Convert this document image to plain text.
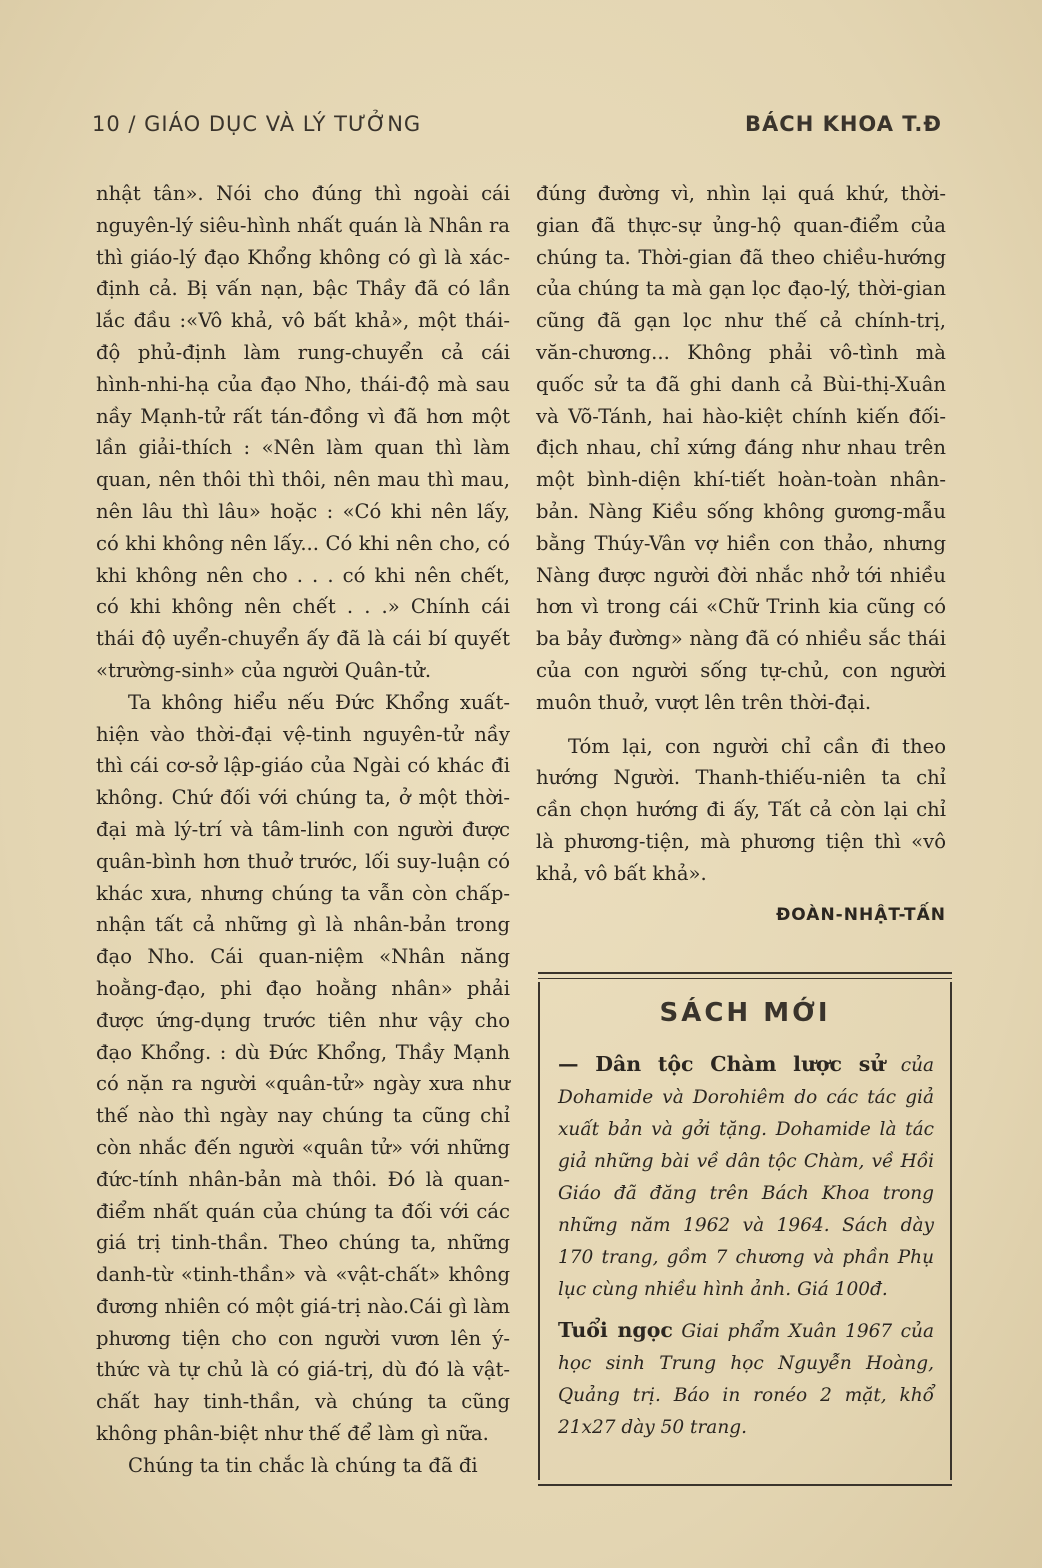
10 / GIÁO DỤC VÀ LÝ TƯỞNG	BÁCH KHOA T.Đ

nhật tân». Nói cho đúng thì ngoài cái nguyên-lý siêu-hình nhất quán là Nhân ra thì giáo-lý đạo Khổng không có gì là xác-định cả. Bị vấn nạn, bậc Thầy đã có lần lắc đầu :«Vô khả, vô bất khả», một thái-độ phủ-định làm rung-chuyển cả cái hình-nhi-hạ của đạo Nho, thái-độ mà sau nầy Mạnh-tử rất tán-đồng vì đã hơn một lần giải-thích : «Nên làm quan thì làm quan, nên thôi thì thôi, nên mau thì mau, nên lâu thì lâu» hoặc : «Có khi nên lấy, có khi không nên lấy... Có khi nên cho, có khi không nên cho . . . có khi nên chết, có khi không nên chết . . .» Chính cái thái độ uyển-chuyển ấy đã là cái bí quyết «trường-sinh» của người Quân-tử.

Ta không hiểu nếu Đức Khổng xuất-hiện vào thời-đại vệ-tinh nguyên-tử nầy thì cái cơ-sở lập-giáo của Ngài có khác đi không. Chứ đối với chúng ta, ở một thời-đại mà lý-trí và tâm-linh con người được quân-bình hơn thuở trước, lối suy-luận có khác xưa, nhưng chúng ta vẫn còn chấp-nhận tất cả những gì là nhân-bản trong đạo Nho. Cái quan-niệm «Nhân năng hoằng-đạo, phi đạo hoằng nhân» phải được ứng-dụng trước tiên như vậy cho đạo Khổng. : dù Đức Khổng, Thầy Mạnh có nặn ra người «quân-tử» ngày xưa như thế nào thì ngày nay chúng ta cũng chỉ còn nhắc đến người «quân tử» với những đức-tính nhân-bản mà thôi. Đó là quan-điểm nhất quán của chúng ta đối với các giá trị tinh-thần. Theo chúng ta, những danh-từ «tinh-thần» và «vật-chất» không đương nhiên có một giá-trị nào.Cái gì làm phương tiện cho con người vươn lên ý-thức và tự chủ là có giá-trị, dù đó là vật-chất hay tinh-thần, và chúng ta cũng không phân-biệt như thế để làm gì nữa.

Chúng ta tin chắc là chúng ta đã đi

đúng đường vì, nhìn lại quá khứ, thời-gian đã thực-sự ủng-hộ quan-điểm của chúng ta. Thời-gian đã theo chiều-hướng của chúng ta mà gạn lọc đạo-lý, thời-gian cũng đã gạn lọc như thế cả chính-trị, văn-chương... Không phải vô-tình mà quốc sử ta đã ghi danh cả Bùi-thị-Xuân và Võ-Tánh, hai hào-kiệt chính kiến đối-địch nhau, chỉ xứng đáng như nhau trên một bình-diện khí-tiết hoàn-toàn nhân-bản. Nàng Kiều sống không gương-mẫu bằng Thúy-Vân vợ hiền con thảo, nhưng Nàng được người đời nhắc nhở tới nhiều hơn vì trong cái «Chữ Trinh kia cũng có ba bảy đường» nàng đã có nhiều sắc thái của con người sống tự-chủ, con người muôn thuở, vượt lên trên thời-đại.

Tóm lại, con người chỉ cần đi theo hướng Người. Thanh-thiếu-niên ta chỉ cần chọn hướng đi ấy, Tất cả còn lại chỉ là phương-tiện, mà phương tiện thì «vô khả, vô bất khả».

ĐOÀN-NHẬT-TẤN
SÁCH MỚI

— Dân tộc Chàm lược sử của Dohamide và Dorohiêm do các tác giả xuất bản và gởi tặng. Dohamide là tác giả những bài về dân tộc Chàm, về Hồi Giáo đã đăng trên Bách Khoa trong những năm 1962 và 1964. Sách dày 170 trang, gồm 7 chương và phần Phụ lục cùng nhiều hình ảnh. Giá 100đ.

Tuổi ngọc Giai phẩm Xuân 1967 của học sinh Trung học Nguyễn Hoàng, Quảng trị. Báo in ronéo 2 mặt, khổ 21x27 dày 50 trang.
